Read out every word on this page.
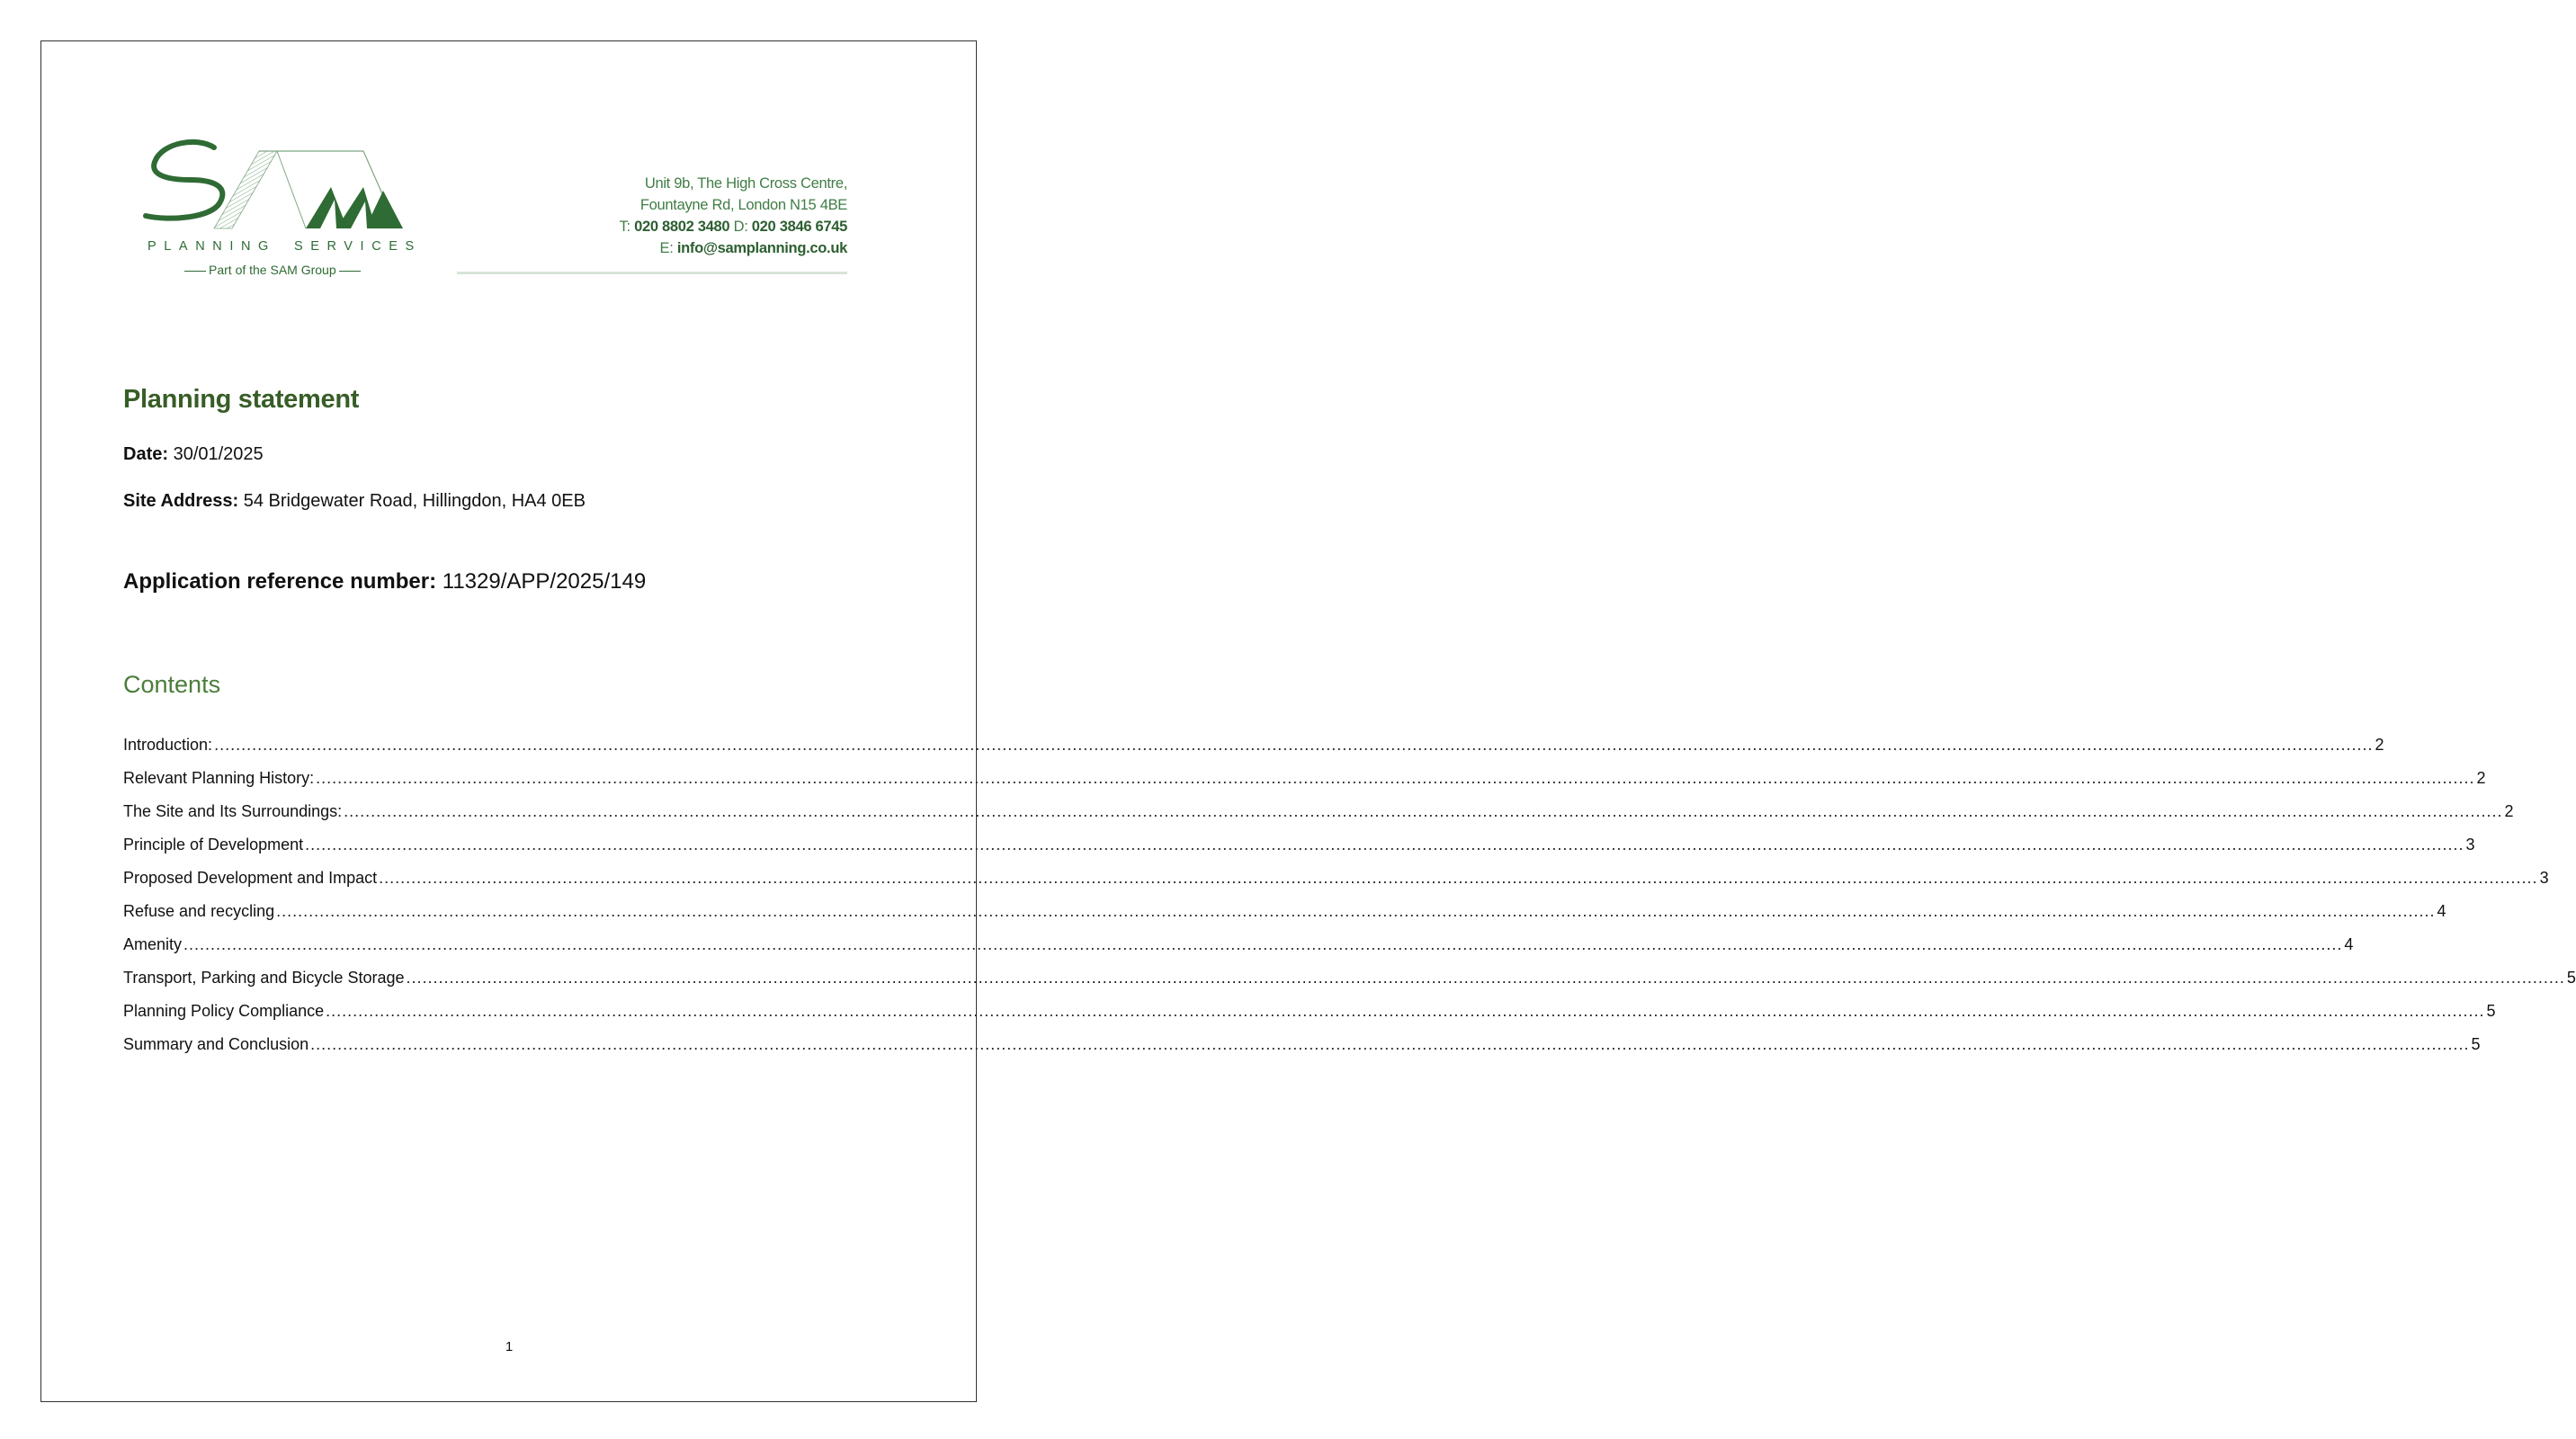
PLANNING SERVICES
Part of the SAM Group
Unit 9b, The High Cross Centre,
Fountayne Rd, London N15 4BE
T: 020 8802 3480 D: 020 3846 6745
E: info@samplanning.co.uk
Planning statement
Date: 30/01/2025
Site Address: 54 Bridgewater Road, Hillingdon, HA4 0EB
Application reference number: 11329/APP/2025/149
Contents
Introduction: ................................................................................................................................................................................................................................................................................................................................................................................................................ 2
Relevant Planning History: ................................................................................................................................................................................................................................................................................................................................................................................................................ 2
The Site and Its Surroundings: ................................................................................................................................................................................................................................................................................................................................................................................................................ 2
Principle of Development ................................................................................................................................................................................................................................................................................................................................................................................................................ 3
Proposed Development and Impact ................................................................................................................................................................................................................................................................................................................................................................................................................ 3
Refuse and recycling ................................................................................................................................................................................................................................................................................................................................................................................................................ 4
Amenity ................................................................................................................................................................................................................................................................................................................................................................................................................ 4
Transport, Parking and Bicycle Storage ................................................................................................................................................................................................................................................................................................................................................................................................................ 5
Planning Policy Compliance ................................................................................................................................................................................................................................................................................................................................................................................................................ 5
Summary and Conclusion ................................................................................................................................................................................................................................................................................................................................................................................................................ 5
1
